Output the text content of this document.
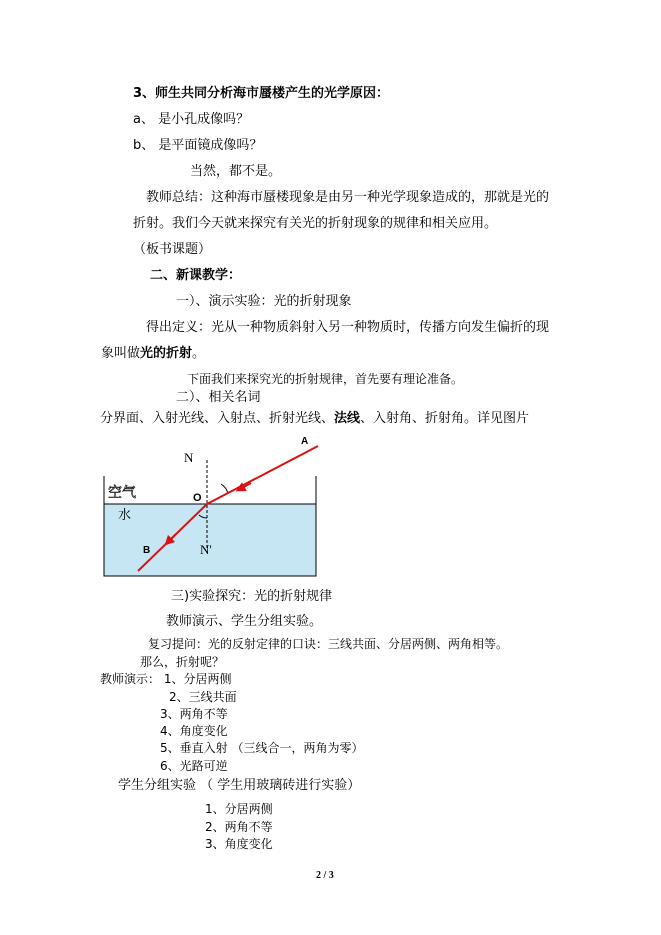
3、师生共同分析海市蜃楼产生的光学原因：
a、 是小孔成像吗？
b、 是平面镜成像吗？
当然，都不是。
教师总结：这种海市蜃楼现象是由另一种光学现象造成的，那就是光的
折射。我们今天就来探究有关光的折射现象的规律和相关应用。
（板书课题）
二、新课教学：
一）、演示实验：光的折射现象
得出定义：光从一种物质斜射入另一种物质时，传播方向发生偏折的现
象叫做光的折射。
下面我们来探究光的折射规律，首先要有理论准备。
二）、相关名词
分界面、入射光线、入射点、折射光线、法线、入射角、折射角。详见图片
N
N'
A
B
O
空气
水
三)实验探究：光的折射规律
教师演示、学生分组实验。
复习提问：光的反射定律的口诀：三线共面、分居两侧、两角相等。
那么，折射呢？
教师演示： 1、分居两侧
2、三线共面
3、两角不等
4、角度变化
5、垂直入射 （三线合一，两角为零）
6、光路可逆
学生分组实验 （ 学生用玻璃砖进行实验）
1、分居两侧
2、两角不等
3、角度变化
2 / 3
